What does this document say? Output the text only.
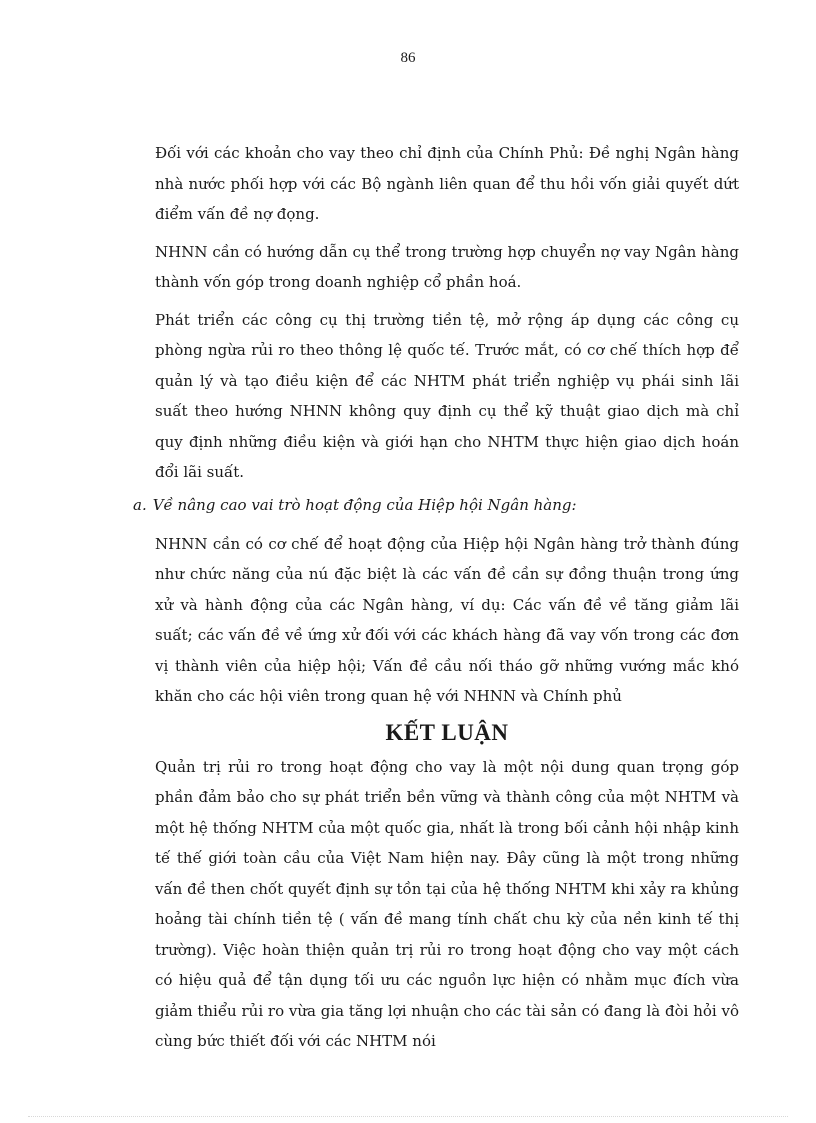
86

Đối với các khoản cho vay theo chỉ định của Chính Phủ: Đề nghị Ngân hàng nhà nước phối hợp với các Bộ ngành liên quan để thu hồi vốn giải quyết dứt điểm vấn đề nợ đọng.

NHNN cần có hướng dẫn cụ thể trong trường hợp chuyển nợ vay Ngân hàng thành vốn góp trong doanh nghiệp cổ phần hoá.

Phát triển các công cụ thị trường tiền tệ, mở rộng áp dụng các công cụ phòng ngừa rủi ro theo thông lệ quốc tế. Trước mắt, có cơ chế thích hợp để quản lý và tạo điều kiện để các NHTM phát triển nghiệp vụ phái sinh lãi suất theo hướng NHNN không quy định cụ thể kỹ thuật giao dịch mà chỉ quy định những điều kiện và giới hạn cho NHTM thực hiện giao dịch hoán đổi lãi suất.

a. Về nâng cao vai trò hoạt động của Hiệp hội Ngân hàng:

NHNN cần có cơ chế để hoạt động của Hiệp hội Ngân hàng trở thành đúng như chức năng của nú đặc biệt là các vấn đề cần sự đồng thuận trong ứng xử và hành động của các Ngân hàng, ví dụ: Các vấn đề về tăng giảm lãi suất; các vấn đề về ứng xử đối với các khách hàng đã vay vốn trong các đơn vị thành viên của hiệp hội; Vấn đề cầu nối tháo gỡ những vướng mắc khó khăn cho các hội viên trong quan hệ với NHNN và Chính phủ

KẾT LUẬN

Quản trị rủi ro trong hoạt động cho vay là một nội dung quan trọng góp phần đảm bảo cho sự phát triển bền vững và thành công của một NHTM và một hệ thống NHTM của một quốc gia, nhất là trong bối cảnh hội nhập kinh tế thế giới toàn cầu của Việt Nam hiện nay. Đây cũng là một trong những vấn đề then chốt quyết định sự tồn tại của hệ thống NHTM khi xảy ra khủng hoảng tài chính tiền tệ ( vấn đề mang tính chất chu kỳ của nền kinh tế thị trường). Việc hoàn thiện quản trị rủi ro trong hoạt động cho vay một cách có hiệu quả để tận dụng tối ưu các nguồn lực hiện có nhằm mục đích vừa giảm thiểu rủi ro vừa gia tăng lợi nhuận cho các tài sản có đang là đòi hỏi vô cùng bức thiết đối với các NHTM nói
